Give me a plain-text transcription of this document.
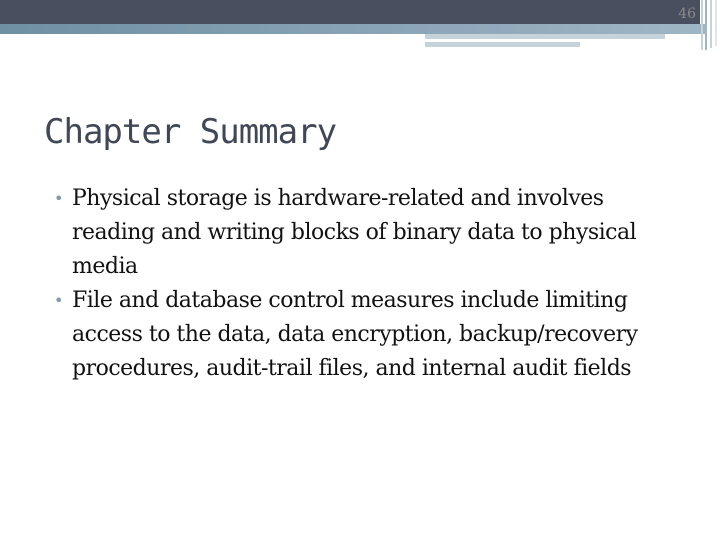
46
Chapter Summary
• Physical storage is hardware-related and involves reading and writing blocks of binary data to physical media
• File and database control measures include limiting access to the data, data encryption, backup/recovery procedures, audit-trail files, and internal audit fields
